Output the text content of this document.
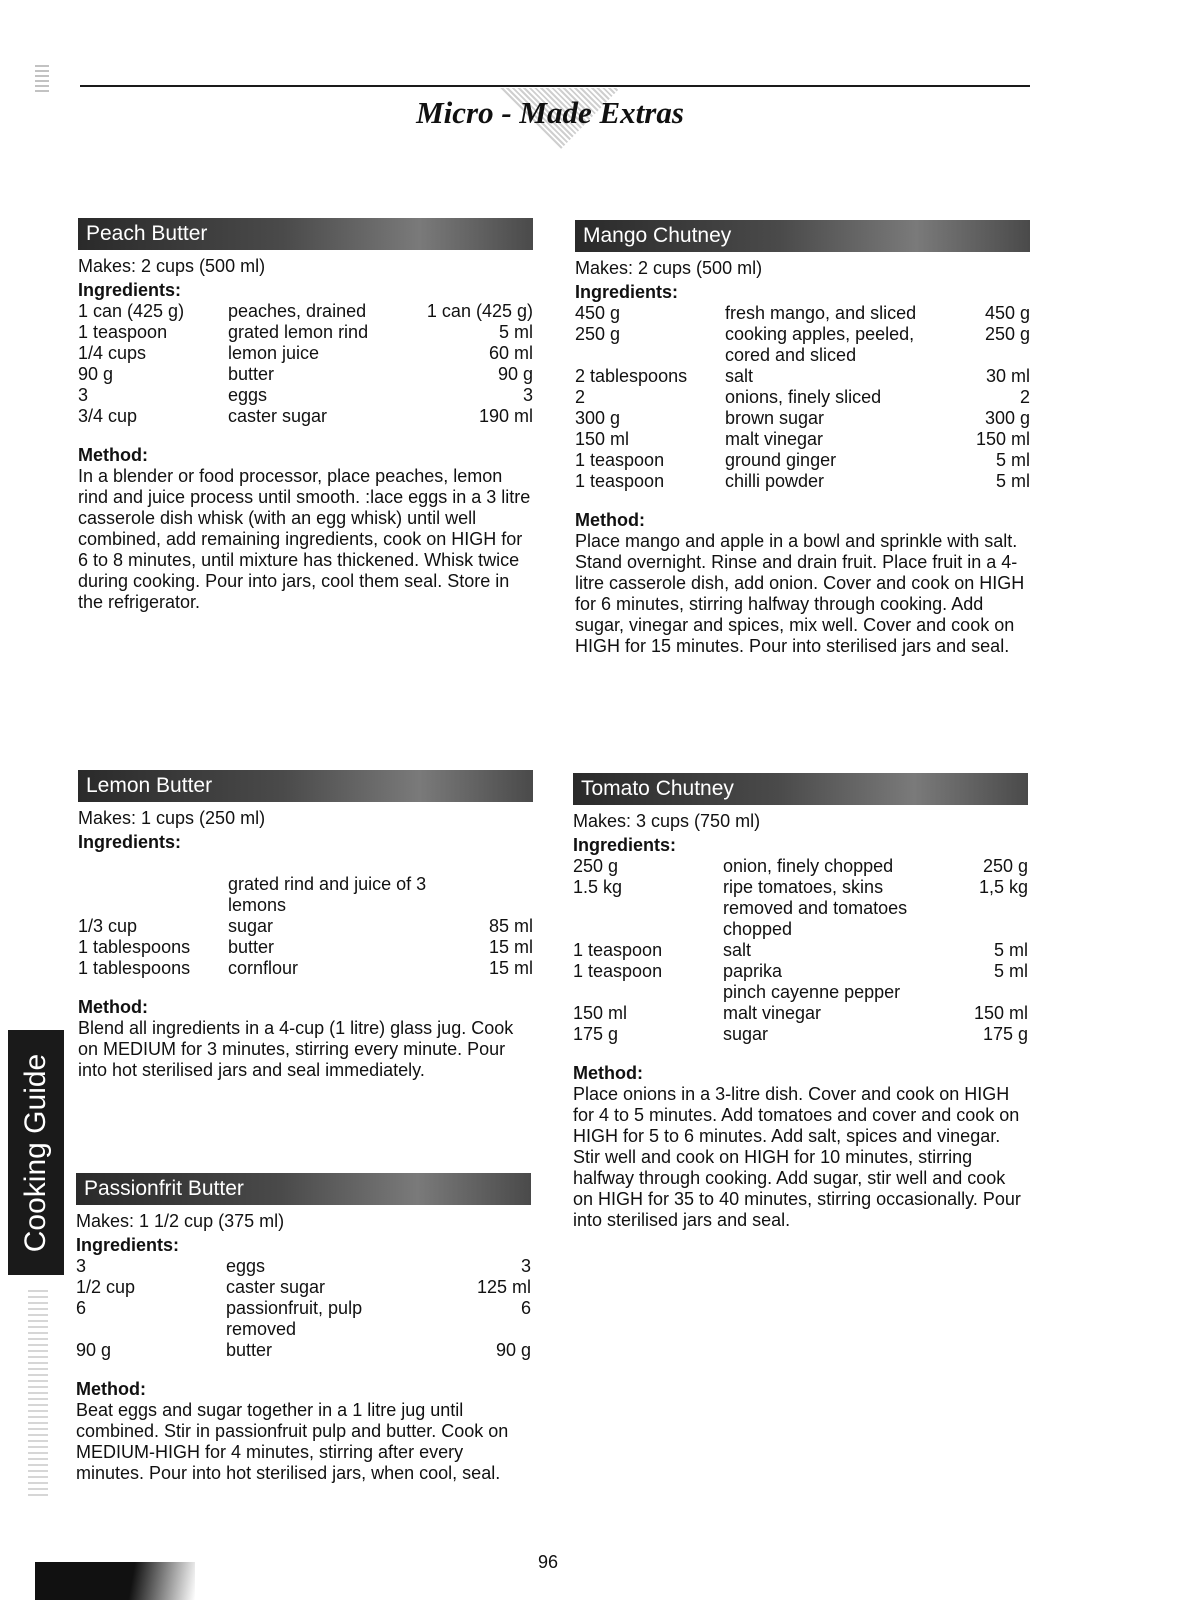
Micro - Made Extras
Peach Butter
Makes: 2 cups (500 ml)
Ingredients:
1 can (425 g)	peaches, drained	1 can (425 g)
1 teaspoon	grated lemon rind	5 ml
1/4 cups	lemon juice	60 ml
90 g	butter	90 g
3	eggs	3
3/4 cup	caster sugar	190 ml
Method:

In a blender or food processor, place peaches, lemon rind and juice process until smooth. :lace eggs in a 3 litre casserole dish whisk (with an egg whisk) until well combined, add remaining ingredients, cook on HIGH for 6 to 8 minutes, until mixture has thickened. Whisk twice during cooking. Pour into jars, cool them seal. Store in the refrigerator.

Mango Chutney
Makes: 2 cups (500 ml)
Ingredients:
450 g	fresh mango, and sliced	450 g
250 g	cooking apples, peeled, cored and sliced	250 g
2 tablespoons	salt	30 ml
2	onions, finely sliced	2
300 g	brown sugar	300 g
150 ml	malt vinegar	150 ml
1 teaspoon	ground ginger	5 ml
1 teaspoon	chilli powder	5 ml
Method:

Place mango and apple in a bowl and sprinkle with salt. Stand overnight. Rinse and drain fruit. Place fruit in a 4-litre casserole dish, add onion. Cover and cook on HIGH for 6 minutes, stirring halfway through cooking. Add sugar, vinegar and spices, mix well. Cover and cook on HIGH for 15 minutes. Pour into sterilised jars and seal.

Lemon Butter
Makes: 1 cups (250 ml)
Ingredients:
	grated rind and juice of 3 lemons	
1/3 cup	sugar	85 ml
1 tablespoons	butter	15 ml
1 tablespoons	cornflour	15 ml
Method:

Blend all ingredients in a 4-cup (1 litre) glass jug. Cook on MEDIUM for 3 minutes, stirring every minute. Pour into hot sterilised jars and seal immediately.

Tomato Chutney
Makes: 3 cups (750 ml)
Ingredients:
250 g	onion, finely chopped	250 g
1.5 kg	ripe tomatoes, skins removed and tomatoes chopped	1,5 kg
1 teaspoon	salt	5 ml
1 teaspoon	paprika	5 ml
	pinch cayenne pepper	
150 ml	malt vinegar	150 ml
175 g	sugar	175 g
Method:

Place onions in a 3-litre dish. Cover and cook on HIGH for 4 to 5 minutes. Add tomatoes and cover and cook on HIGH for 5 to 6 minutes. Add salt, spices and vinegar. Stir well and cook on HIGH for 10 minutes, stirring halfway through cooking. Add sugar, stir well and cook on HIGH for 35 to 40 minutes, stirring occasionally. Pour into sterilised jars and seal.

Passionfrit Butter
Makes: 1 1/2 cup (375 ml)
Ingredients:
3	eggs	3
1/2 cup	caster sugar	125 ml
6	passionfruit, pulp removed	6
90 g	butter	90 g
Method:

Beat eggs and sugar together in a 1 litre jug until combined. Stir in passionfruit pulp and butter. Cook on MEDIUM-HIGH for 4 minutes, stirring after every minutes. Pour into hot sterilised jars, when cool, seal.

Cooking Guide
96
